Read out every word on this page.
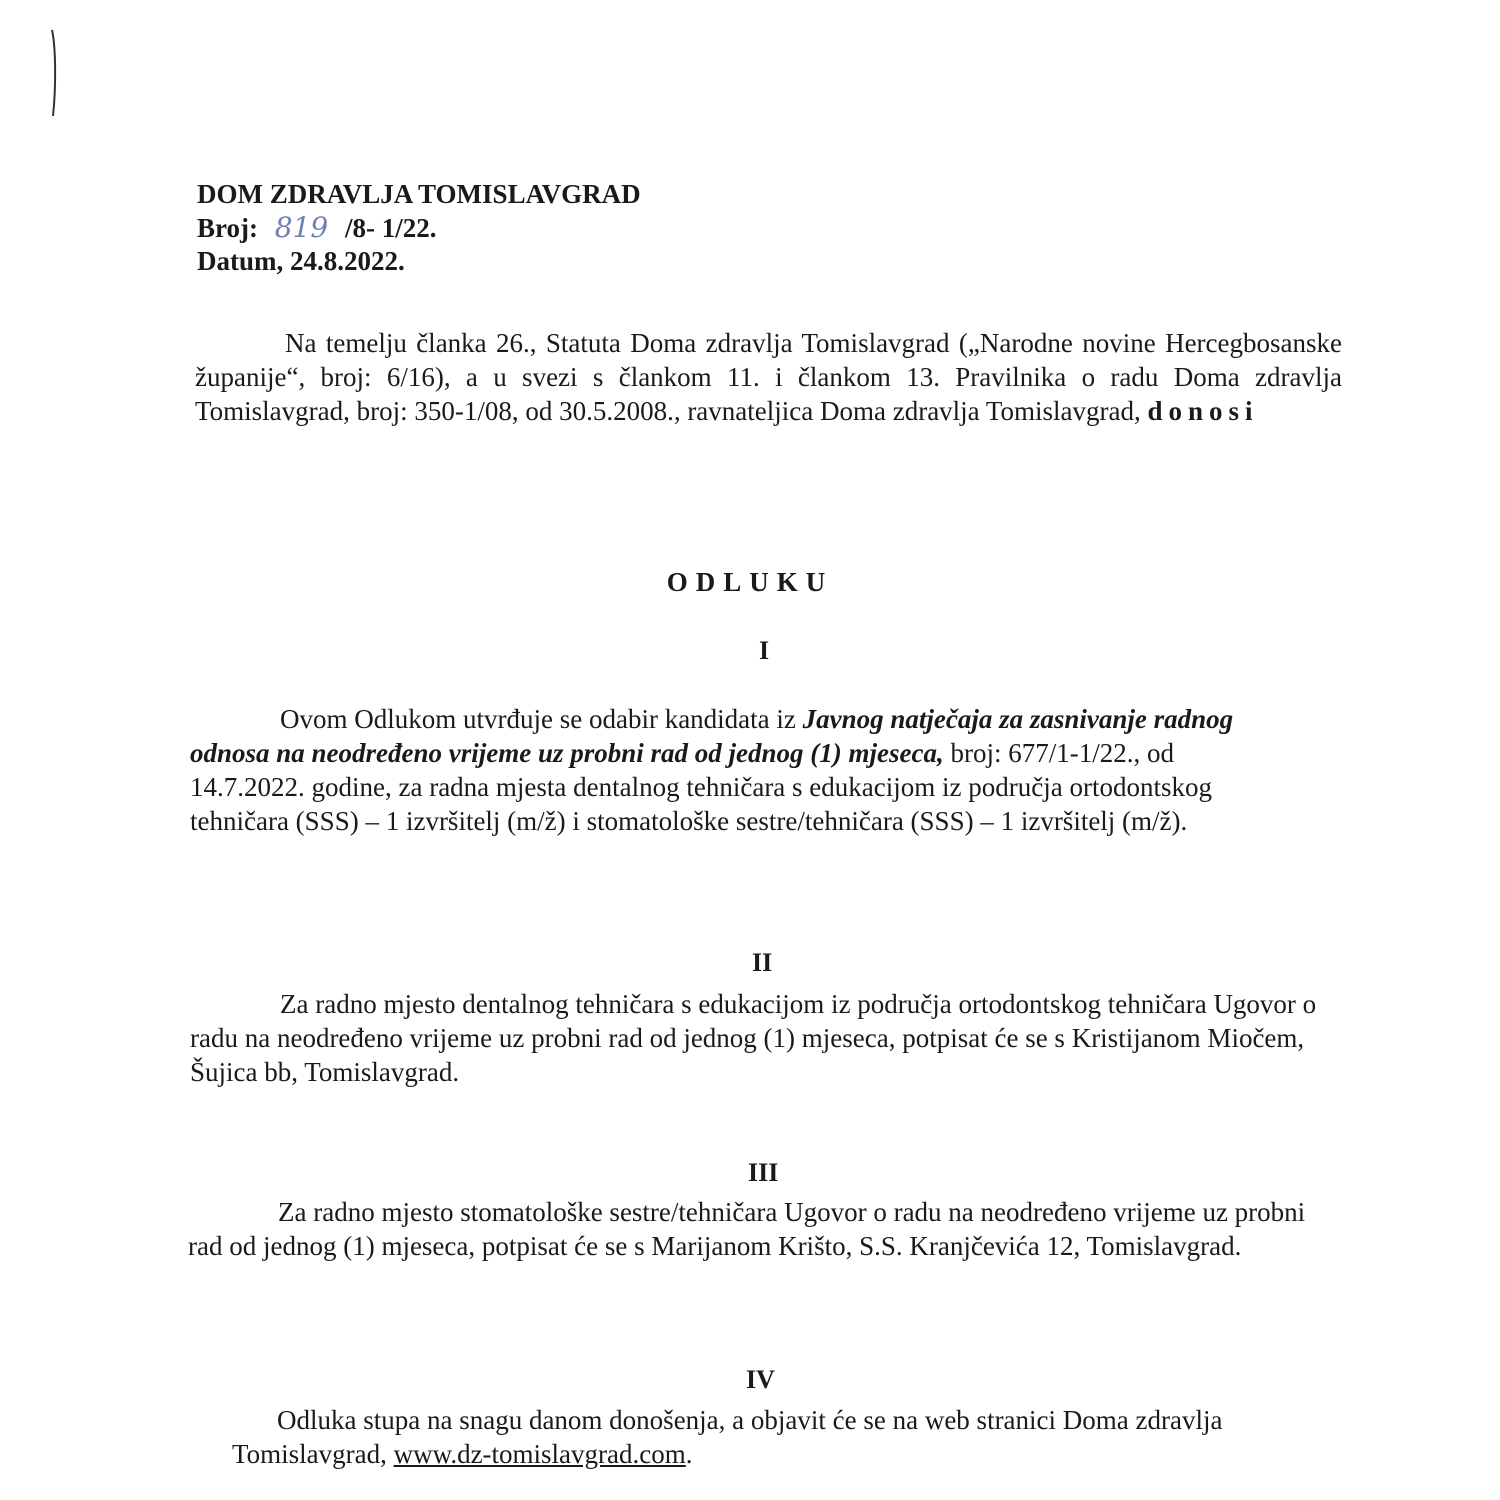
DOM ZDRAVLJA TOMISLAVGRAD
Broj: 819 /8- 1/22.
Datum, 24.8.2022.
Na temelju članka 26., Statuta Doma zdravlja Tomislavgrad („Narodne novine Hercegbosanske županije“, broj: 6/16), a u svezi s člankom 11. i člankom 13. Pravilnika o radu Doma zdravlja Tomislavgrad, broj: 350-1/08, od 30.5.2008., ravnateljica Doma zdravlja Tomislavgrad, donosi
ODLUKU
I
Ovom Odlukom utvrđuje se odabir kandidata iz Javnog natječaja za zasnivanje radnog odnosa na neodređeno vrijeme uz probni rad od jednog (1) mjeseca, broj: 677/1-1/22., od 14.7.2022. godine, za radna mjesta dentalnog tehničara s edukacijom iz područja ortodontskog tehničara (SSS) – 1 izvršitelj (m/ž) i stomatološke sestre/tehničara (SSS) – 1 izvršitelj (m/ž).
II
Za radno mjesto dentalnog tehničara s edukacijom iz područja ortodontskog tehničara Ugovor o radu na neodređeno vrijeme uz probni rad od jednog (1) mjeseca, potpisat će se s Kristijanom Miočem, Šujica bb, Tomislavgrad.
III
Za radno mjesto stomatološke sestre/tehničara Ugovor o radu na neodređeno vrijeme uz probni rad od jednog (1) mjeseca, potpisat će se s Marijanom Krišto, S.S. Kranjčevića 12, Tomislavgrad.
IV
Odluka stupa na snagu danom donošenja, a objavit će se na web stranici Doma zdravlja Tomislavgrad, www.dz-tomislavgrad.com.
